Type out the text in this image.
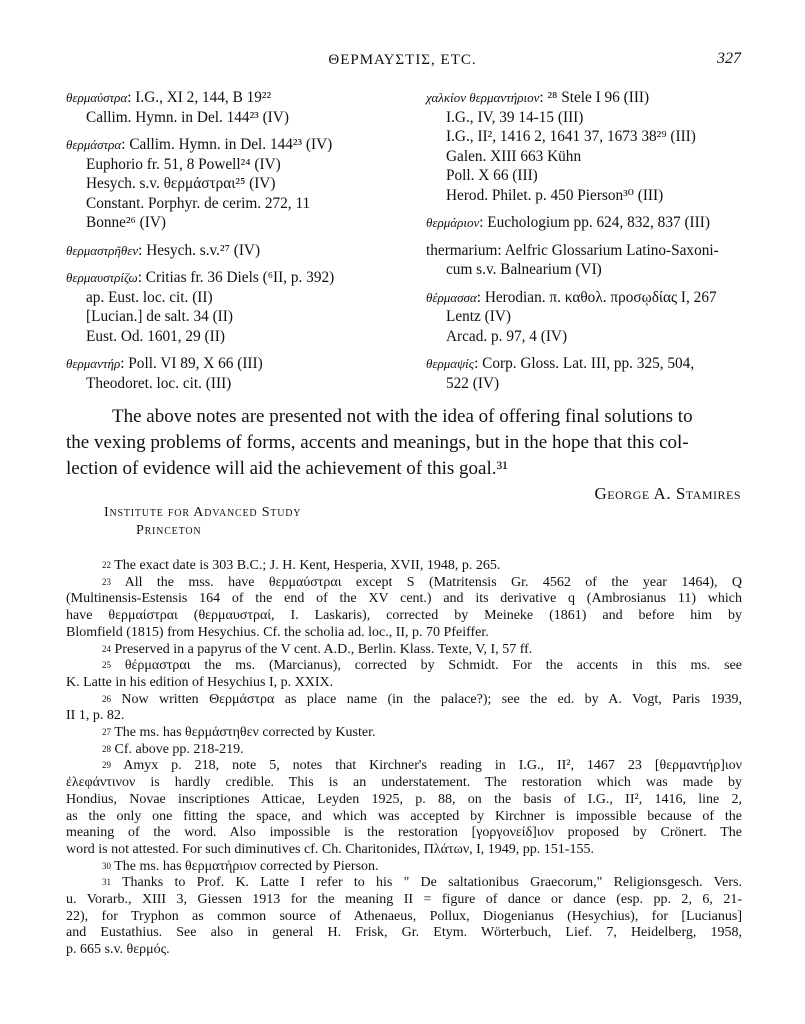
ΘΕΡΜΑΥΣΤΙΣ, ETC.	327
θερμαύστρα: I.G., XI 2, 144, B 19²²
Callim. Hymn. in Del. 144²³ (IV)
θερμάστρα: Callim. Hymn. in Del. 144²³ (IV)
Euphorio fr. 51, 8 Powell²⁴ (IV)
Hesych. s.v. θερμάστραι²⁵ (IV)
Constant. Porphyr. de cerim. 272, 11
Bonne²⁶ (IV)
θερμαστρῆθεν: Hesych. s.v.²⁷ (IV)
θερμαυστρίζω: Critias fr. 36 Diels (⁶II, p. 392)
ap. Eust. loc. cit. (II)
[Lucian.] de salt. 34 (II)
Eust. Od. 1601, 29 (II)
θερμαντήρ: Poll. VI 89, X 66 (III)
Theodoret. loc. cit. (III)
χαλκίον θερμαντήριον: ²⁸ Stele I 96 (III)
I.G., IV, 39 14-15 (III)
I.G., II², 1416 2, 1641 37, 1673 38²⁹ (III)
Galen. XIII 663 Kühn
Poll. X 66 (III)
Herod. Philet. p. 450 Pierson³⁰ (III)
θερμάριον: Euchologium pp. 624, 832, 837 (III)
thermarium: Aelfric Glossarium Latino-Saxoni-
cum s.v. Balnearium (VI)
θέρμασσα: Herodian. π. καθολ. προσῳδίας I, 267
Lentz (IV)
Arcad. p. 97, 4 (IV)
θερμαψίς: Corp. Gloss. Lat. III, pp. 325, 504,
522 (IV)
The above notes are presented not with the idea of offering final solutions to
the vexing problems of forms, accents and meanings, but in the hope that this col-
lection of evidence will aid the achievement of this goal.³¹
George A. Stamires
Institute for Advanced Study
Princeton
$^{22}$ The exact date is 303 B.C.; J. H. Kent, Hesperia, XVII, 1948, p. 265.
$^{23}$ All the mss. have θερμαύστραι except S (Matritensis Gr. 4562 of the year 1464), Q
(Multinensis-Estensis 164 of the end of the XV cent.) and its derivative q (Ambrosianus 11) which
have θερμαίστραι (θερμαυστραί, I. Laskaris), corrected by Meineke (1861) and before him by
Blomfield (1815) from Hesychius. Cf. the scholia ad. loc., II, p. 70 Pfeiffer.
$^{24}$ Preserved in a papyrus of the V cent. A.D., Berlin. Klass. Texte, V, I, 57 ff.
$^{25}$ θέρμαστραι the ms. (Marcianus), corrected by Schmidt. For the accents in this ms. see
K. Latte in his edition of Hesychius I, p. XXIX.
$^{26}$ Now written Θερμάστρα as place name (in the palace?); see the ed. by A. Vogt, Paris 1939,
II 1, p. 82.
$^{27}$ The ms. has θερμάστηθεν corrected by Kuster.
$^{28}$ Cf. above pp. 218-219.
$^{29}$ Amyx p. 218, note 5, notes that Kirchner's reading in I.G., II², 1467 23 [θερμαντήρ]ιον
ἐλεφάντινον is hardly credible. This is an understatement. The restoration which was made by
Hondius, Novae inscriptiones Atticae, Leyden 1925, p. 88, on the basis of I.G., II², 1416, line 2,
as the only one fitting the space, and which was accepted by Kirchner is impossible because of the
meaning of the word. Also impossible is the restoration [γοργονείδ]ιον proposed by Crönert. The
word is not attested. For such diminutives cf. Ch. Charitonides, Πλάτων, I, 1949, pp. 151-155.
$^{30}$ The ms. has θερματήριον corrected by Pierson.
$^{31}$ Thanks to Prof. K. Latte I refer to his " De saltationibus Graecorum," Religionsgesch. Vers.
u. Vorarb., XIII 3, Giessen 1913 for the meaning II = figure of dance or dance (esp. pp. 2, 6, 21-
22), for Tryphon as common source of Athenaeus, Pollux, Diogenianus (Hesychius), for [Lucianus]
and Eustathius. See also in general H. Frisk, Gr. Etym. Wörterbuch, Lief. 7, Heidelberg, 1958,
p. 665 s.v. θερμός.
